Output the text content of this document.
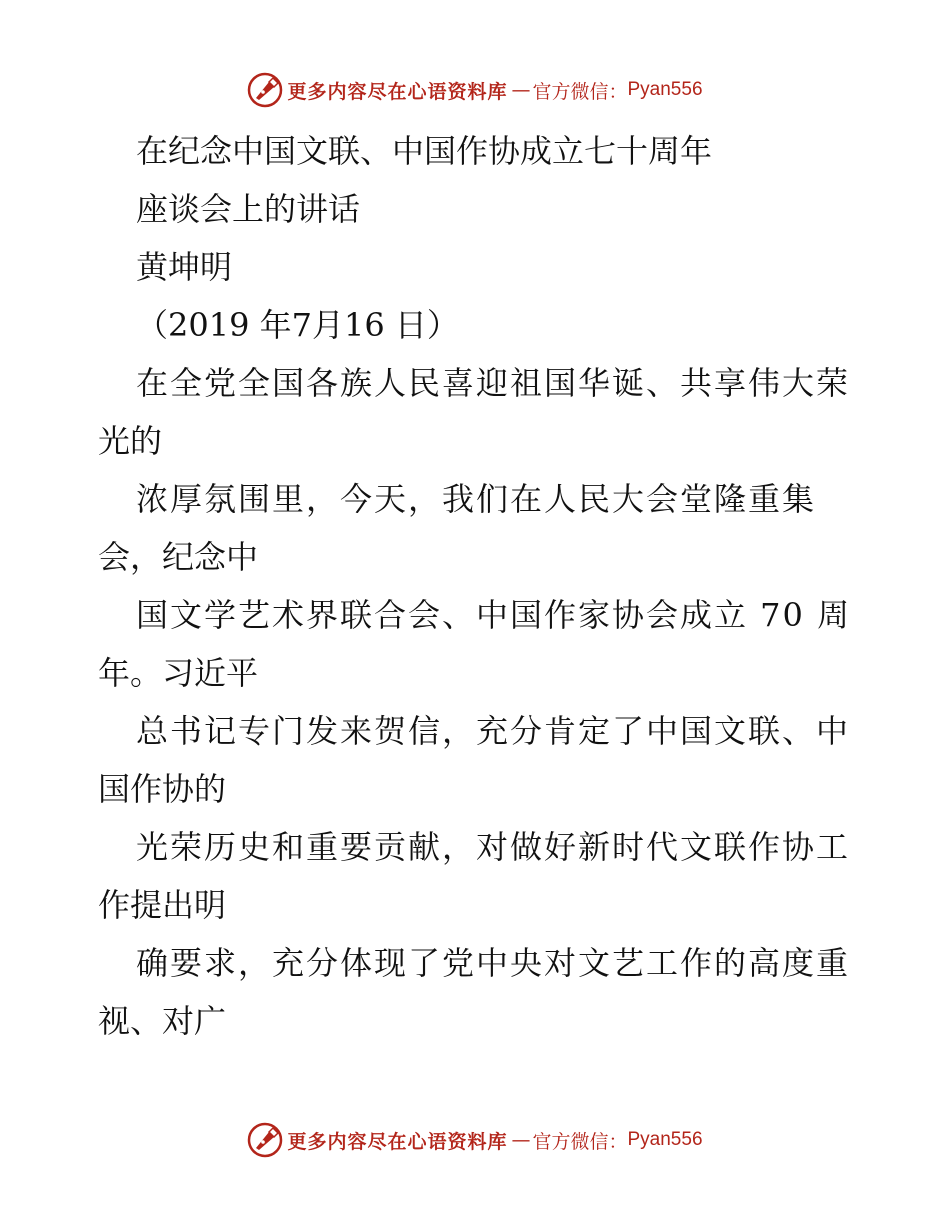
更多内容尽在心语资料库 — 官方微信： Pyan556
在纪念中国文联、中国作协成立七十周年
座谈会上的讲话
黄坤明
（2019 年7月16 日）
在全党全国各族人民喜迎祖国华诞、共享伟大荣
光的
浓厚氛围里，今天，我们在人民大会堂隆重集
会，纪念中
国文学艺术界联合会、中国作家协会成立 70 周
年。习近平
总书记专门发来贺信，充分肯定了中国文联、中
国作协的
光荣历史和重要贡献，对做好新时代文联作协工
作提出明
确要求，充分体现了党中央对文艺工作的高度重
视、对广
更多内容尽在心语资料库 — 官方微信： Pyan556
